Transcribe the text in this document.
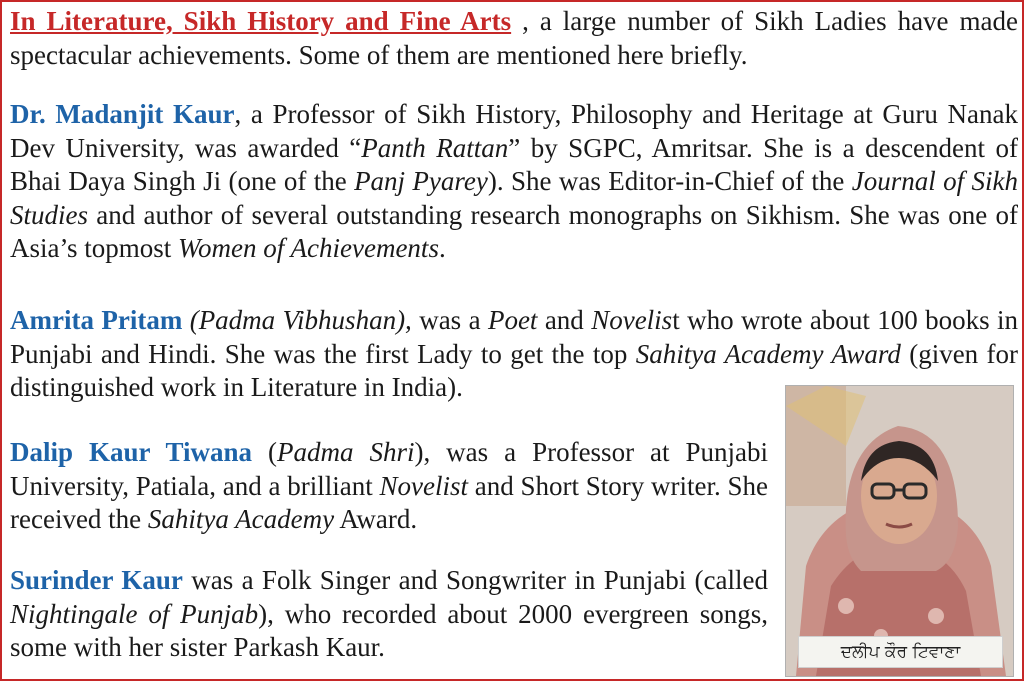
In Literature, Sikh History and Fine Arts , a large number of Sikh Ladies have made spectacular achievements. Some of them are mentioned here briefly.

Dr. Madanjit Kaur, a Professor of Sikh History, Philosophy and Heritage at Guru Nanak Dev University, was awarded “Panth Rattan” by SGPC, Amritsar. She is a descendent of Bhai Daya Singh Ji (one of the Panj Pyarey). She was Editor-in-Chief of the Journal of Sikh Studies and author of several outstanding research monographs on Sikhism. She was one of Asia’s topmost Women of Achievements.

Amrita Pritam (Padma Vibhushan), was a Poet and Novelist who wrote about 100 books in Punjabi and Hindi. She was the first Lady to get the top Sahitya Academy Award (given for distinguished work in Literature in India).

Dalip Kaur Tiwana (Padma Shri), was a Professor at Punjabi University, Patiala, and a brilliant Novelist and Short Story writer. She received the Sahitya Academy Award.

Surinder Kaur was a Folk Singer and Songwriter in Punjabi (called Nightingale of Punjab), who recorded about 2000 evergreen songs, some with her sister Parkash Kaur.	ਦਲੀਪ ਕੌਰ ਟਿਵਾਣਾ
